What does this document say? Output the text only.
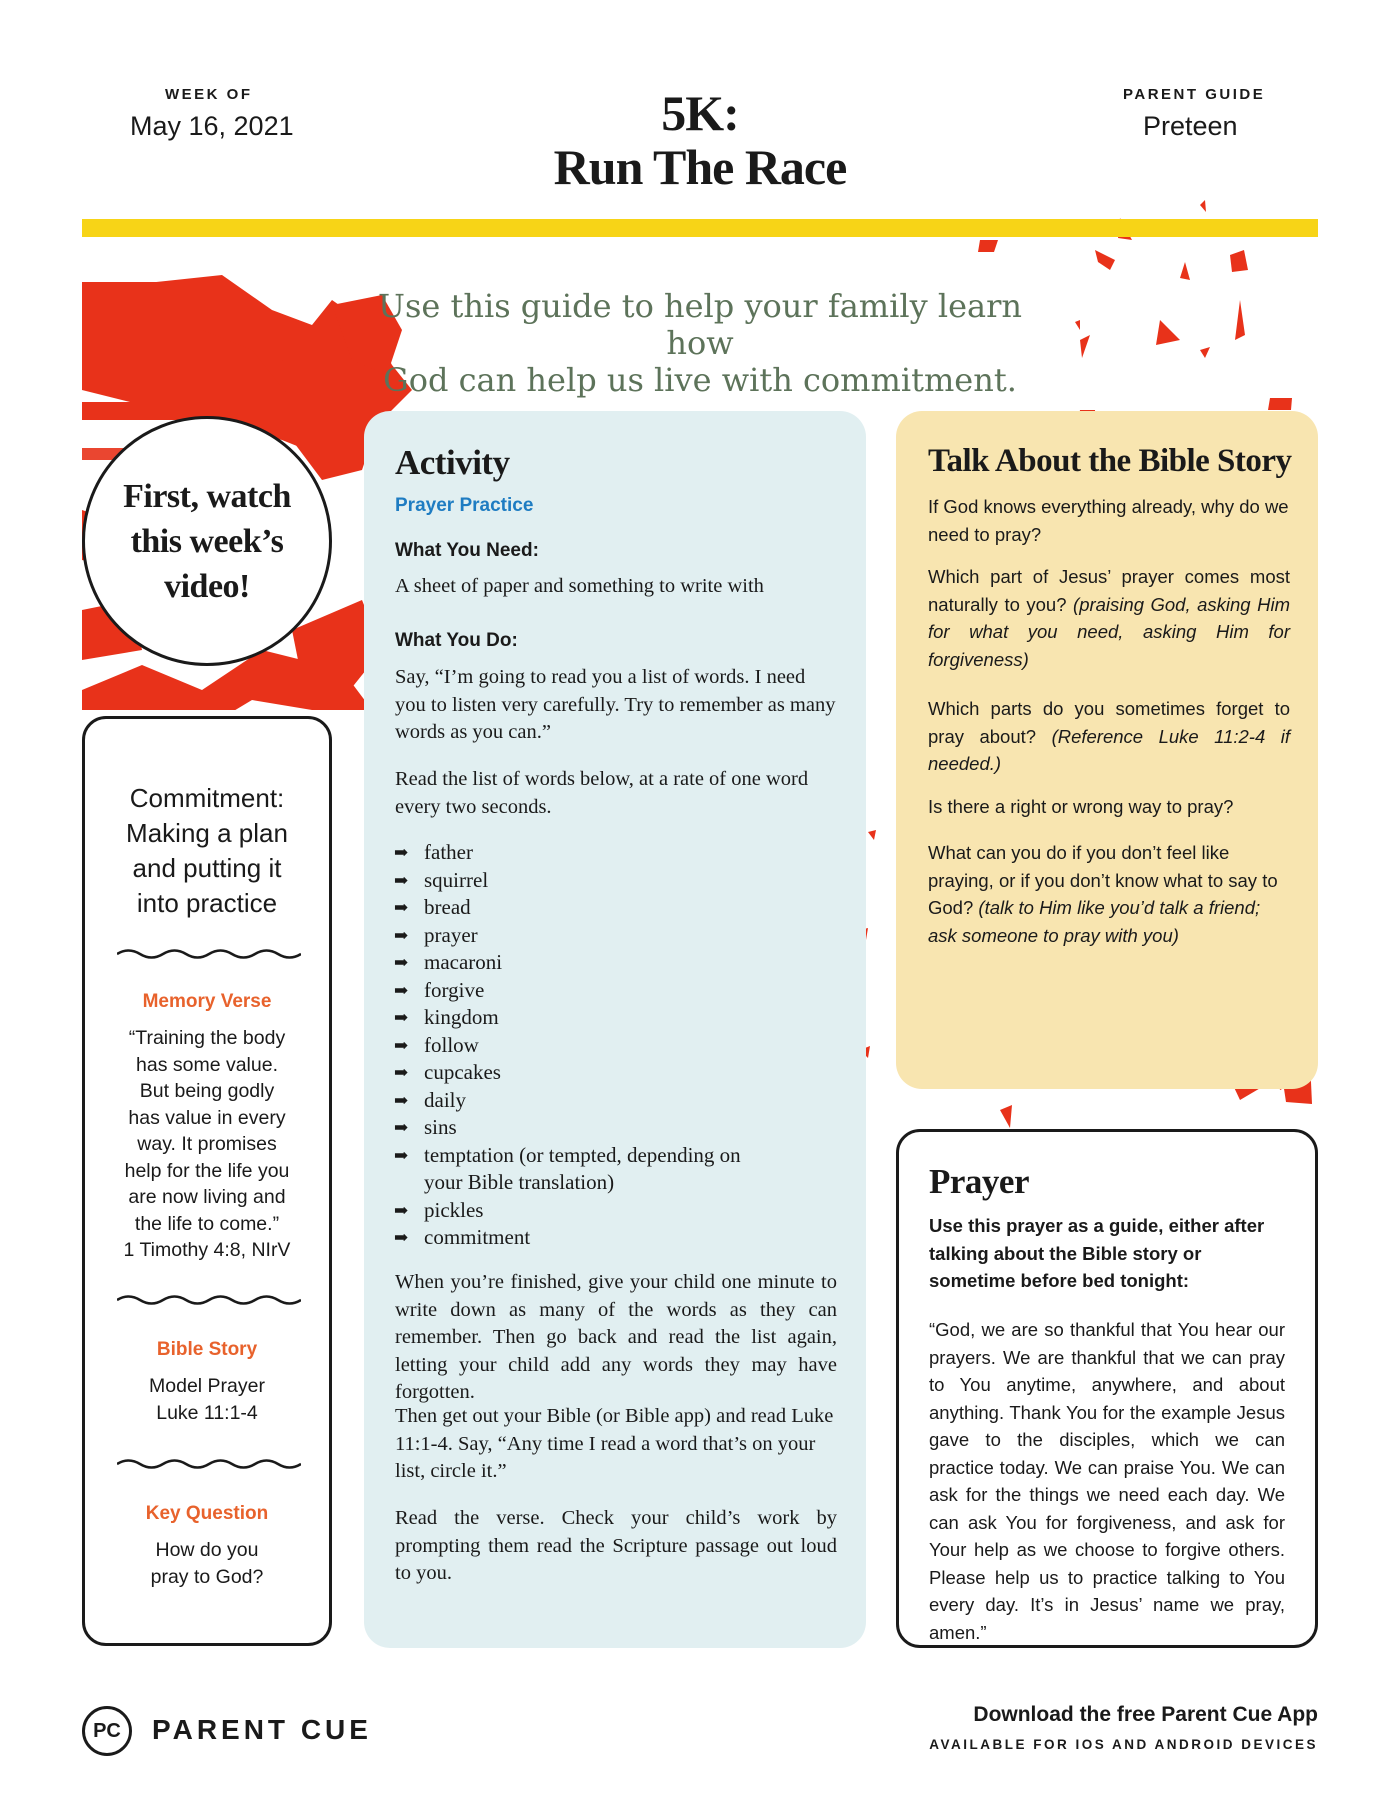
WEEK OF
May 16, 2021	5K:
Run The Race
PARENT GUIDE
Preteen
Use this guide to help your family learn how
God can help us live with commitment.
First, watch this week’s video!
Commitment:
Making a plan
and putting it
into practice
Memory Verse
“Training the body
has some value.
But being godly
has value in every
way. It promises
help for the life you
are now living and
the life to come.”
1 Timothy 4:8, NIrV
Bible Story
Model Prayer
Luke 11:1-4
Key Question
How do you
pray to God?
Activity
Prayer Practice
What You Need:
A sheet of paper and something to write with
What You Do:
Say, “I’m going to read you a list of words. I need you to listen very carefully. Try to remember as many words as you can.”
Read the list of words below, at a rate of one word every two seconds.
➡ father
➡ squirrel
➡ bread
➡ prayer
➡ macaroni
➡ forgive
➡ kingdom
➡ follow
➡ cupcakes
➡ daily
➡ sins
➡ temptation (or tempted, depending on your Bible translation)
➡ pickles
➡ commitment
When you’re finished, give your child one minute to write down as many of the words as they can remember. Then go back and read the list again, letting your child add any words they may have forgotten.
Then get out your Bible (or Bible app) and read Luke 11:1-4. Say, “Any time I read a word that’s on your list, circle it.”
Read the verse. Check your child’s work by prompting them read the Scripture passage out loud to you.
Talk About the Bible Story
If God knows everything already, why do we need to pray?
Which part of Jesus’ prayer comes most naturally to you? (praising God, asking Him for what you need, asking Him for forgiveness)
Which parts do you sometimes forget to pray about? (Reference Luke 11:2-4 if needed.)
Is there a right or wrong way to pray?
What can you do if you don’t feel like praying, or if you don’t know what to say to God? (talk to Him like you’d talk a friend; ask someone to pray with you)
Prayer
Use this prayer as a guide, either after talking about the Bible story or sometime before bed tonight:
“God, we are so thankful that You hear our prayers. We are thankful that we can pray to You anytime, anywhere, and about anything. Thank You for the example Jesus gave to the disciples, which we can practice today. We can praise You. We can ask for the things we need each day. We can ask You for forgiveness, and ask for Your help as we choose to forgive others. Please help us to practice talking to You every day. It’s in Jesus’ name we pray, amen.”
PC	PARENT CUE	Download the free Parent Cue App
AVAILABLE FOR IOS AND ANDROID DEVICES
